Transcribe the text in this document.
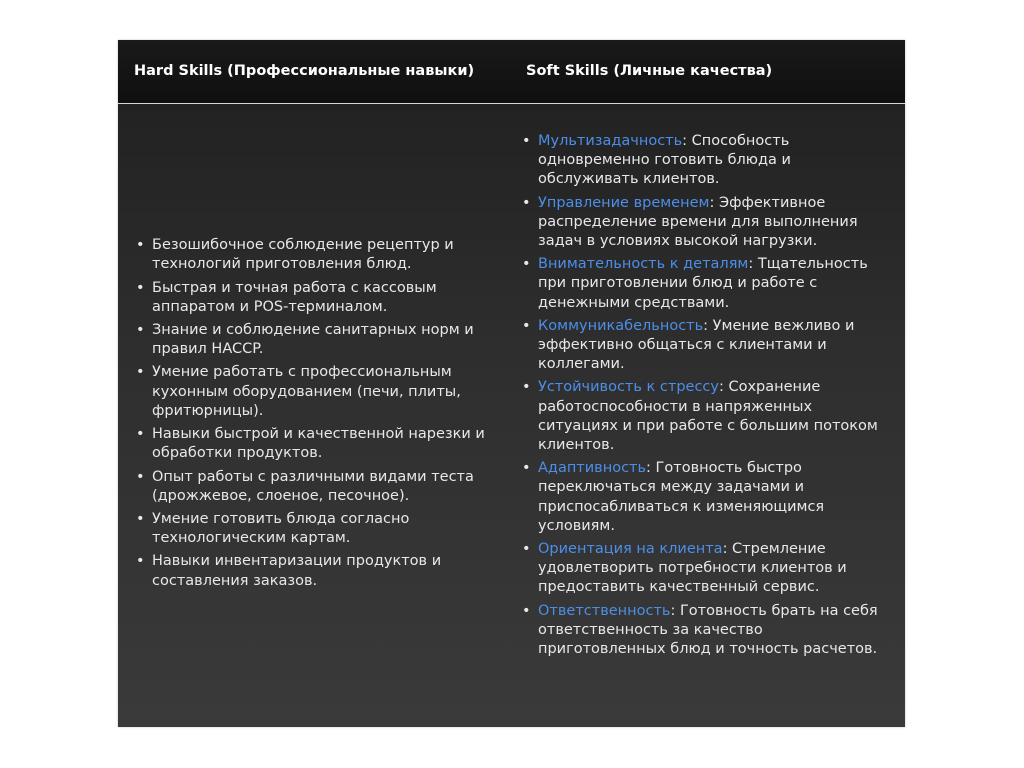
Hard Skills (Профессиональные навыки)	Soft Skills (Личные качества)
• Безошибочное соблюдение рецептур и технологий приготовления блюд.
• Быстрая и точная работа с кассовым аппаратом и POS-терминалом.
• Знание и соблюдение санитарных норм и правил HACCP.
• Умение работать с профессиональным кухонным оборудованием (печи, плиты, фритюрницы).
• Навыки быстрой и качественной нарезки и обработки продуктов.
• Опыт работы с различными видами теста (дрожжевое, слоеное, песочное).
• Умение готовить блюда согласно технологическим картам.
• Навыки инвентаризации продуктов и составления заказов.
• Мультизадачность: Способность одновременно готовить блюда и обслуживать клиентов.
• Управление временем: Эффективное распределение времени для выполнения задач в условиях высокой нагрузки.
• Внимательность к деталям: Тщательность при приготовлении блюд и работе с денежными средствами.
• Коммуникабельность: Умение вежливо и эффективно общаться с клиентами и коллегами.
• Устойчивость к стрессу: Сохранение работоспособности в напряженных ситуациях и при работе с большим потоком клиентов.
• Адаптивность: Готовность быстро переключаться между задачами и приспосабливаться к изменяющимся условиям.
• Ориентация на клиента: Стремление удовлетворить потребности клиентов и предоставить качественный сервис.
• Ответственность: Готовность брать на себя ответственность за качество приготовленных блюд и точность расчетов.
